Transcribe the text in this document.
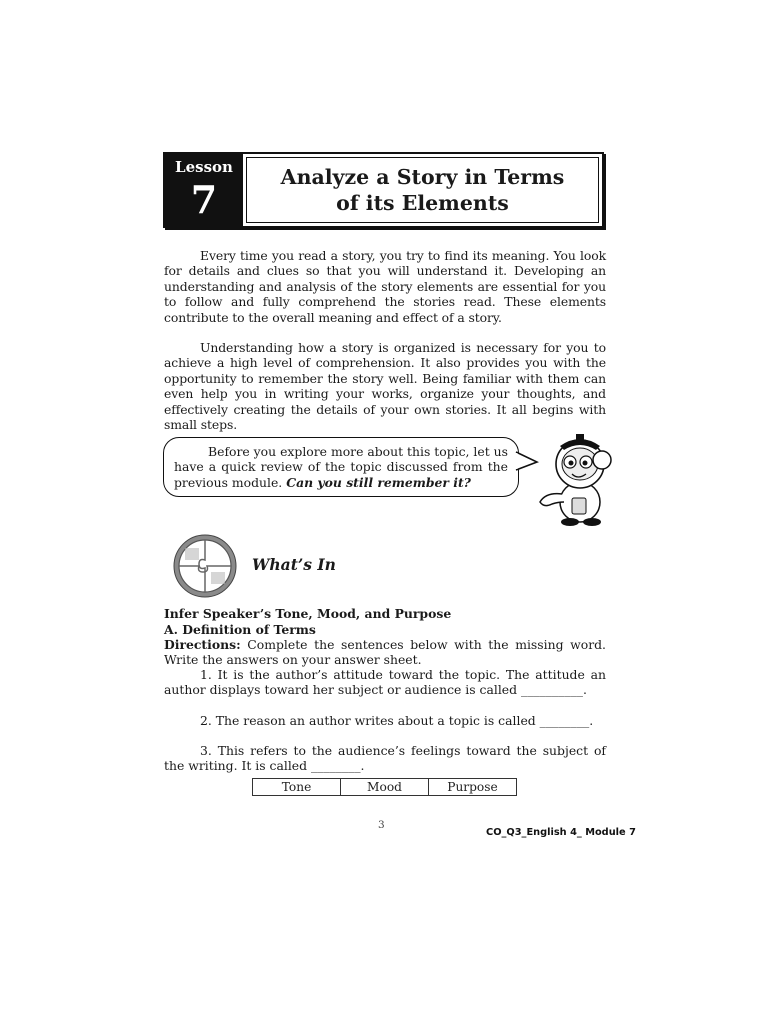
Lesson
7	Analyze a Story in Terms
of its Elements

Every time you read a story, you try to find its meaning. You look for details and clues so that you will understand it. Developing an understanding and analysis of the story elements are essential for you to follow and fully comprehend the stories read. These elements contribute to the overall meaning and effect of a story.

Understanding how a story is organized is necessary for you to achieve a high level of comprehension. It also provides you with the opportunity to remember the story well. Being familiar with them can even help you in writing your works, organize your thoughts, and effectively creating the details of your own stories. It all begins with small steps.

Before you explore more about this topic, let us have a quick review of the topic discussed from the previous module. Can you still remember it?
What’s In
Infer Speaker’s Tone, Mood, and Purpose
A. Definition of Terms
Directions: Complete the sentences below with the missing word. Write the answers on your answer sheet.
1. It is the author’s attitude toward the topic. The attitude an author displays toward her subject or audience is called __________.
2. The reason an author writes about a topic is called ________.
3. This refers to the audience’s feelings toward the subject of the writing. It is called ________.
Tone	Mood	Purpose
3
CO_Q3_English 4_ Module 7
